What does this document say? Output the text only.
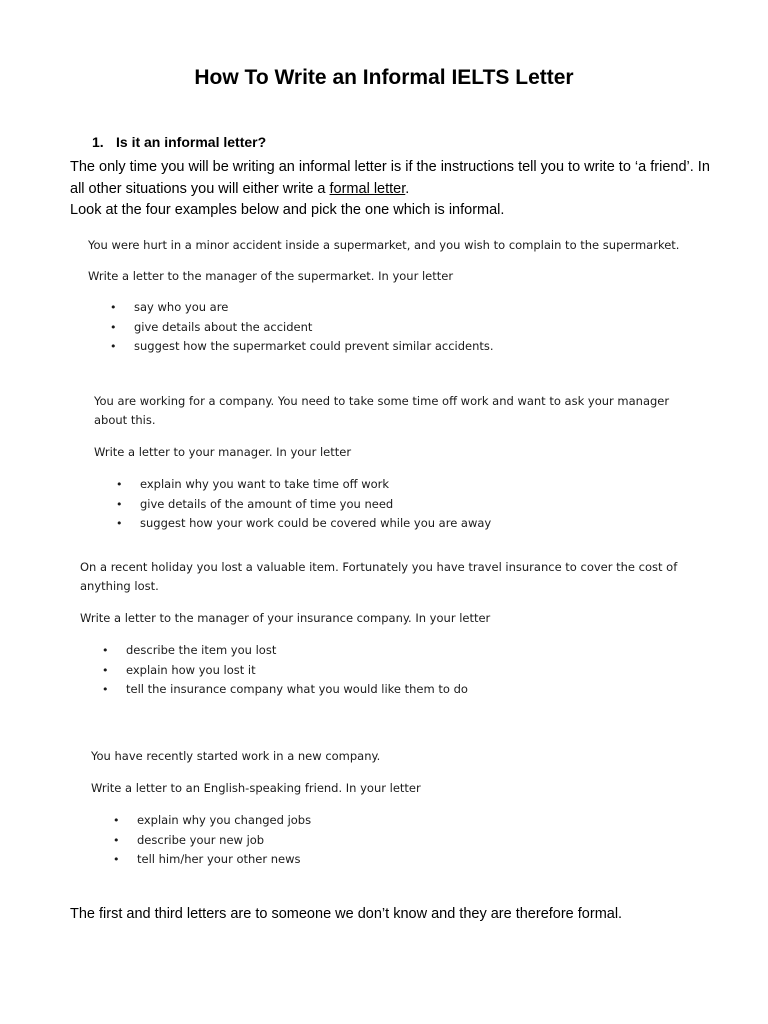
How To Write an Informal IELTS Letter
1. Is it an informal letter?

The only time you will be writing an informal letter is if the instructions tell you to write to ‘a friend’. In all other situations you will either write a formal letter.

Look at the four examples below and pick the one which is informal.

You were hurt in a minor accident inside a supermarket, and you wish to complain to the supermarket.

Write a letter to the manager of the supermarket. In your letter

• say who you are
• give details about the accident
• suggest how the supermarket could prevent similar accidents.

You are working for a company. You need to take some time off work and want to ask your manager about this.

Write a letter to your manager. In your letter

• explain why you want to take time off work
• give details of the amount of time you need
• suggest how your work could be covered while you are away

On a recent holiday you lost a valuable item. Fortunately you have travel insurance to cover the cost of anything lost.

Write a letter to the manager of your insurance company. In your letter

• describe the item you lost
• explain how you lost it
• tell the insurance company what you would like them to do

You have recently started work in a new company.

Write a letter to an English-speaking friend. In your letter

• explain why you changed jobs
• describe your new job
• tell him/her your other news

The first and third letters are to someone we don’t know and they are therefore formal.
